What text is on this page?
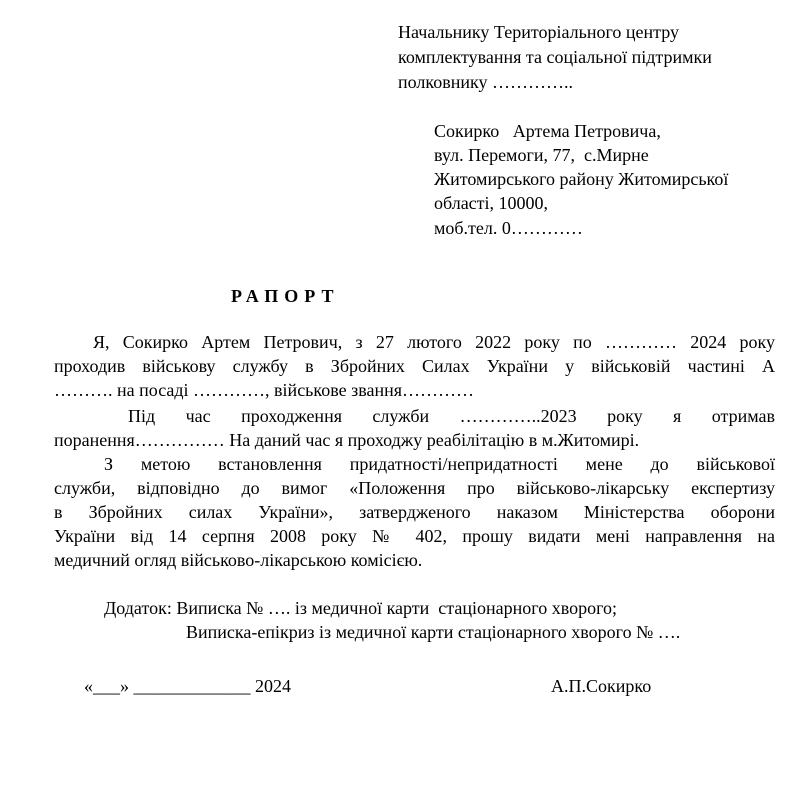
Начальнику Територіального центру
комплектування та соціальної підтримки
полковнику …………..
Сокирко   Артема Петровича,
вул. Перемоги, 77,  с.Мирне
Житомирського району Житомирської
області, 10000,
моб.тел. 0…………
РАПОРТ
Я, Сокирко Артем Петрович, з 27 лютого 2022 року по ………… 2024 року
проходив військову службу в Збройних Силах України у військовій частині А
………. на посаді …………, військове звання…………
Під час проходження служби …………..2023 року я отримав
поранення…………… На даний час я проходжу реабілітацію в м.Житомирі.
З метою встановлення придатності/непридатності мене до військової
служби, відповідно до вимог «Положення про військово-лікарську експертизу
в Збройних силах України», затвердженого наказом Міністерства оборони
України від 14 серпня 2008 року № 402, прошу видати мені направлення на
медичний огляд військово-лікарською комісією.
Додаток: Виписка № …. із медичної карти  стаціонарного хворого;
Виписка-епікриз із медичної карти стаціонарного хворого № ….
«___» _____________ 2024	А.П.Сокирко
